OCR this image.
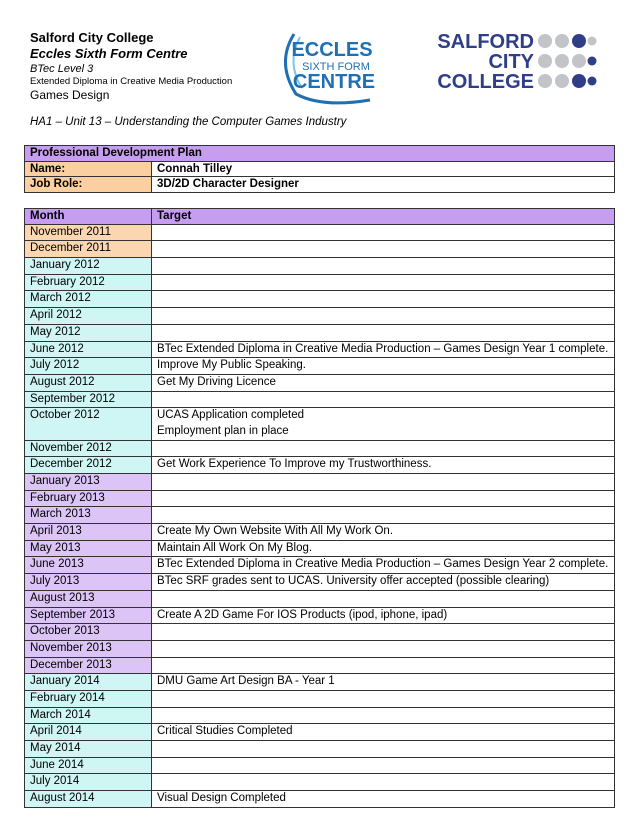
Salford City College
Eccles Sixth Form Centre
BTec Level 3
Extended Diploma in Creative Media Production
Games Design
HA1 – Unit 13 – Understanding the Computer Games Industry
ECCLES
SIXTH FORM
CENTRE
SALFORD
CITY
COLLEGE
Professional Development Plan	
Name:	Connah Tilley
Job Role:	3D/2D Character Designer
Month	Target
November 2011	

December 2011	

January 2012	

February 2012	

March 2012	

April 2012	

May 2012	

June 2012	BTec Extended Diploma in Creative Media Production – Games Design Year 1 complete.

July 2012	Improve My Public Speaking.

August 2012	Get My Driving Licence

September 2012	

October 2012	UCAS Application completed
Employment plan in place

November 2012	

December 2012	Get Work Experience To Improve my Trustworthiness.

January 2013	

February 2013	

March 2013	

April 2013	Create My Own Website With All My Work On.

May 2013	Maintain All Work On My Blog.

June 2013	BTec Extended Diploma in Creative Media Production – Games Design Year 2 complete.

July 2013	BTec SRF grades sent to UCAS. University offer accepted (possible clearing)

August 2013	

September 2013	Create A 2D Game For IOS Products (ipod, iphone, ipad)

October 2013	

November 2013	

December 2013	

January 2014	DMU Game Art Design BA - Year 1

February 2014	

March 2014	

April 2014	Critical Studies Completed

May 2014	

June 2014	

July 2014	

August 2014	Visual Design Completed
